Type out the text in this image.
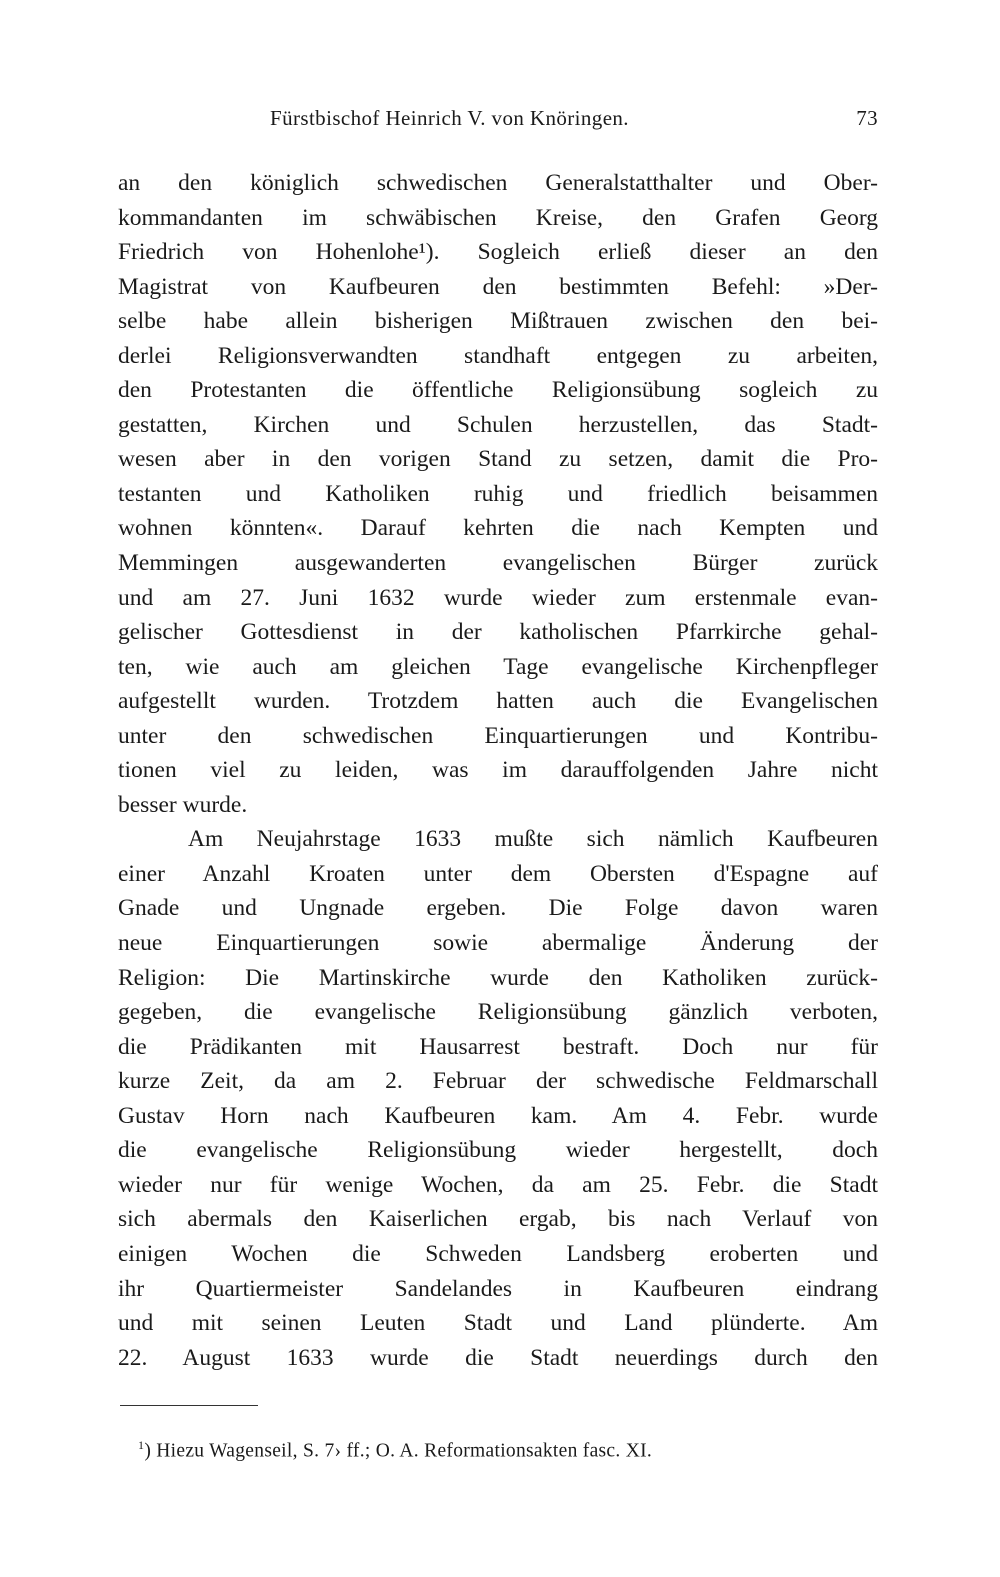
Fürstbischof Heinrich V. von Knöringen.	73
an den königlich schwedischen Generalstatthalter und Ober-
kommandanten im schwäbischen Kreise, den Grafen Georg
Friedrich von Hohenlohe¹). Sogleich erließ dieser an den
Magistrat von Kaufbeuren den bestimmten Befehl: »Der-
selbe habe allein bisherigen Mißtrauen zwischen den bei-
derlei Religionsverwandten standhaft entgegen zu arbeiten,
den Protestanten die öffentliche Religionsübung sogleich zu
gestatten, Kirchen und Schulen herzustellen, das Stadt-
wesen aber in den vorigen Stand zu setzen, damit die Pro-
testanten und Katholiken ruhig und friedlich beisammen
wohnen könnten«. Darauf kehrten die nach Kempten und
Memmingen ausgewanderten evangelischen Bürger zurück
und am 27. Juni 1632 wurde wieder zum erstenmale evan-
gelischer Gottesdienst in der katholischen Pfarrkirche gehal-
ten, wie auch am gleichen Tage evangelische Kirchenpfleger
aufgestellt wurden. Trotzdem hatten auch die Evangelischen
unter den schwedischen Einquartierungen und Kontribu-
tionen viel zu leiden, was im darauffolgenden Jahre nicht
besser wurde.
Am Neujahrstage 1633 mußte sich nämlich Kaufbeuren
einer Anzahl Kroaten unter dem Obersten d'Espagne auf
Gnade und Ungnade ergeben. Die Folge davon waren
neue Einquartierungen sowie abermalige Änderung der
Religion: Die Martinskirche wurde den Katholiken zurück-
gegeben, die evangelische Religionsübung gänzlich verboten,
die Prädikanten mit Hausarrest bestraft. Doch nur für
kurze Zeit, da am 2. Februar der schwedische Feldmarschall
Gustav Horn nach Kaufbeuren kam. Am 4. Febr. wurde
die evangelische Religionsübung wieder hergestellt, doch
wieder nur für wenige Wochen, da am 25. Febr. die Stadt
sich abermals den Kaiserlichen ergab, bis nach Verlauf von
einigen Wochen die Schweden Landsberg eroberten und
ihr Quartiermeister Sandelandes in Kaufbeuren eindrang
und mit seinen Leuten Stadt und Land plünderte. Am
22. August 1633 wurde die Stadt neuerdings durch den
$^1$) Hiezu Wagenseil, S. 7› ff.; O. A. Reformationsakten fasc. XI.
